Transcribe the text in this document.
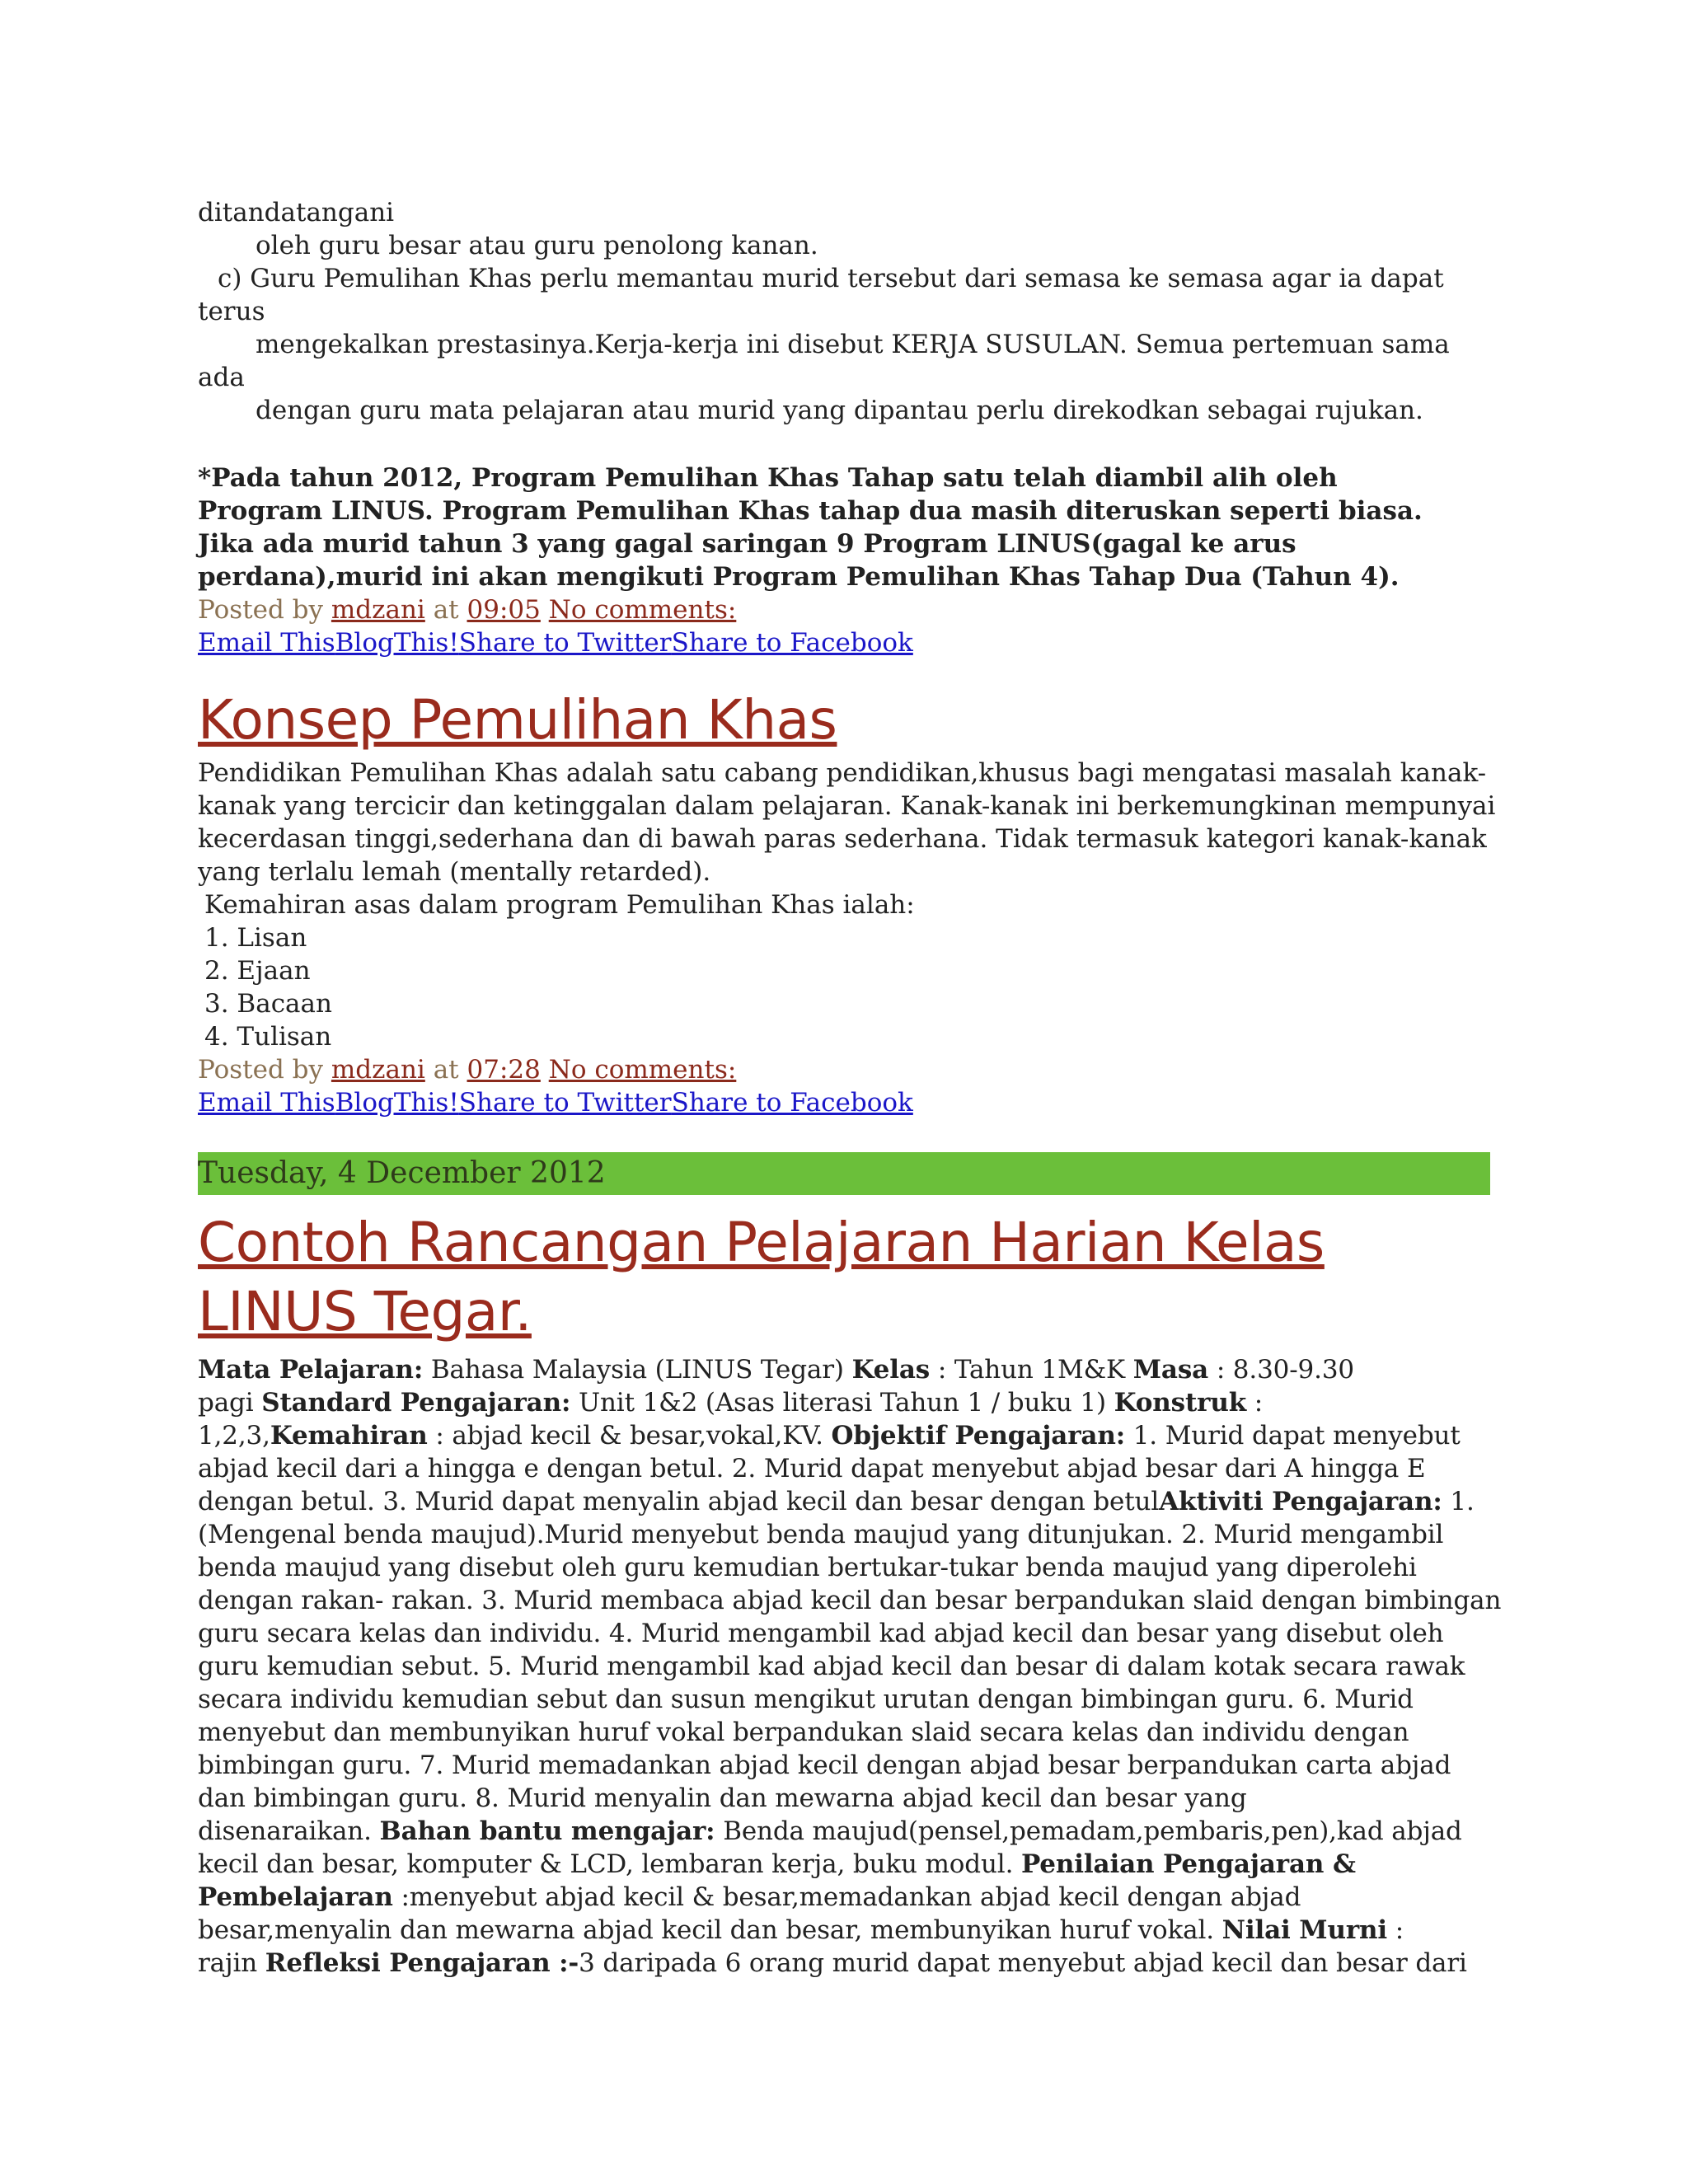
ditandatangani
oleh guru besar atau guru penolong kanan.
c) Guru Pemulihan Khas perlu memantau murid tersebut dari semasa ke semasa agar ia dapat
terus
mengekalkan prestasinya.Kerja-kerja ini disebut KERJA SUSULAN. Semua pertemuan sama
ada
dengan guru mata pelajaran atau murid yang dipantau perlu direkodkan sebagai rujukan.
*Pada tahun 2012, Program Pemulihan Khas Tahap satu telah diambil alih oleh
Program LINUS. Program Pemulihan Khas tahap dua masih diteruskan seperti biasa.
Jika ada murid tahun 3 yang gagal saringan 9 Program LINUS(gagal ke arus
perdana),murid ini akan mengikuti Program Pemulihan Khas Tahap Dua (Tahun 4).
Posted by mdzani at 09:05 No comments:
Email ThisBlogThis!Share to TwitterShare to Facebook
Konsep Pemulihan Khas
Pendidikan Pemulihan Khas adalah satu cabang pendidikan,khusus bagi mengatasi masalah kanak-
kanak yang tercicir dan ketinggalan dalam pelajaran. Kanak-kanak ini berkemungkinan mempunyai
kecerdasan tinggi,sederhana dan di bawah paras sederhana. Tidak termasuk kategori kanak-kanak
yang terlalu lemah (mentally retarded).
Kemahiran asas dalam program Pemulihan Khas ialah:
1. Lisan
2. Ejaan
3. Bacaan
4. Tulisan
Posted by mdzani at 07:28 No comments:
Email ThisBlogThis!Share to TwitterShare to Facebook
Tuesday, 4 December 2012
Contoh Rancangan Pelajaran Harian Kelas
LINUS Tegar.
Mata Pelajaran: Bahasa Malaysia (LINUS Tegar) Kelas : Tahun 1M&K Masa : 8.30-9.30
pagi Standard Pengajaran: Unit 1&2 (Asas literasi Tahun 1 / buku 1) Konstruk :
1,2,3,Kemahiran : abjad kecil & besar,vokal,KV. Objektif Pengajaran: 1. Murid dapat menyebut
abjad kecil dari a hingga e dengan betul. 2. Murid dapat menyebut abjad besar dari A hingga E
dengan betul. 3. Murid dapat menyalin abjad kecil dan besar dengan betulAktiviti Pengajaran: 1.
(Mengenal benda maujud).Murid menyebut benda maujud yang ditunjukan. 2. Murid mengambil
benda maujud yang disebut oleh guru kemudian bertukar-tukar benda maujud yang diperolehi
dengan rakan- rakan. 3. Murid membaca abjad kecil dan besar berpandukan slaid dengan bimbingan
guru secara kelas dan individu. 4. Murid mengambil kad abjad kecil dan besar yang disebut oleh
guru kemudian sebut. 5. Murid mengambil kad abjad kecil dan besar di dalam kotak secara rawak
secara individu kemudian sebut dan susun mengikut urutan dengan bimbingan guru. 6. Murid
menyebut dan membunyikan huruf vokal berpandukan slaid secara kelas dan individu dengan
bimbingan guru. 7. Murid memadankan abjad kecil dengan abjad besar berpandukan carta abjad
dan bimbingan guru. 8. Murid menyalin dan mewarna abjad kecil dan besar yang
disenaraikan. Bahan bantu mengajar: Benda maujud(pensel,pemadam,pembaris,pen),kad abjad
kecil dan besar, komputer & LCD, lembaran kerja, buku modul. Penilaian Pengajaran &
Pembelajaran :menyebut abjad kecil & besar,memadankan abjad kecil dengan abjad
besar,menyalin dan mewarna abjad kecil dan besar, membunyikan huruf vokal. Nilai Murni :
rajin Refleksi Pengajaran :-3 daripada 6 orang murid dapat menyebut abjad kecil dan besar dari
